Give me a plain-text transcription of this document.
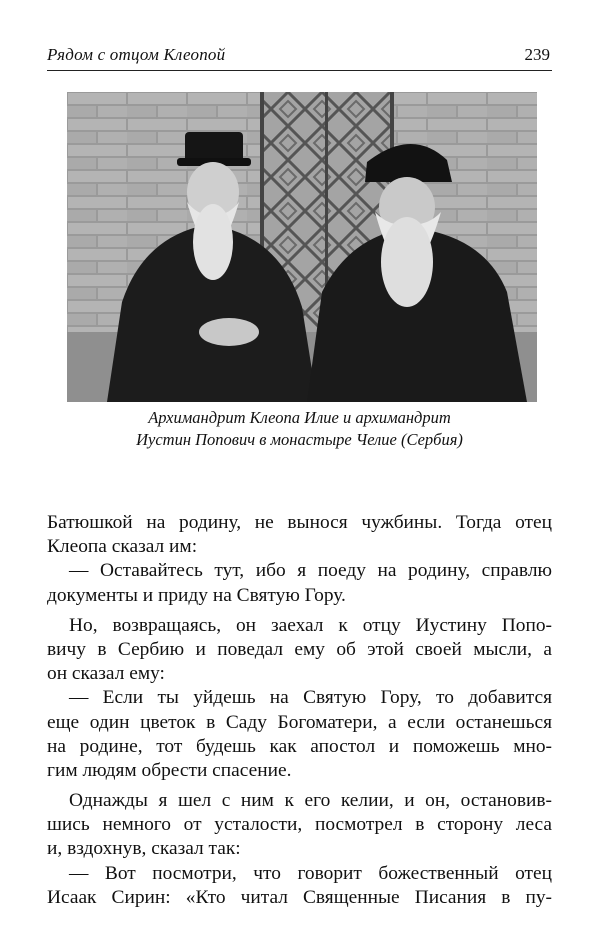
Рядом с отцом Клеопой	239
Архимандрит Клеопа Илие и архимандрит
Иустин Попович в монастыре Челие (Сербия)
Батюшкой на родину, не вынося чужбины. Тогда отец
Клеопа сказал им:
— Оставайтесь тут, ибо я поеду на родину, справлю
документы и приду на Святую Гору.
Но, возвращаясь, он заехал к отцу Иустину Попо-
вичу в Сербию и поведал ему об этой своей мысли, а
он сказал ему:
— Если ты уйдешь на Святую Гору, то добавится
еще один цветок в Саду Богоматери, а если останешься
на родине, тот будешь как апостол и поможешь мно-
гим людям обрести спасение.
Однажды я шел с ним к его келии, и он, остановив-
шись немного от усталости, посмотрел в сторону леса
и, вздохнув, сказал так:
— Вот посмотри, что говорит божественный отец
Исаак Сирин: «Кто читал Священные Писания в пу-
